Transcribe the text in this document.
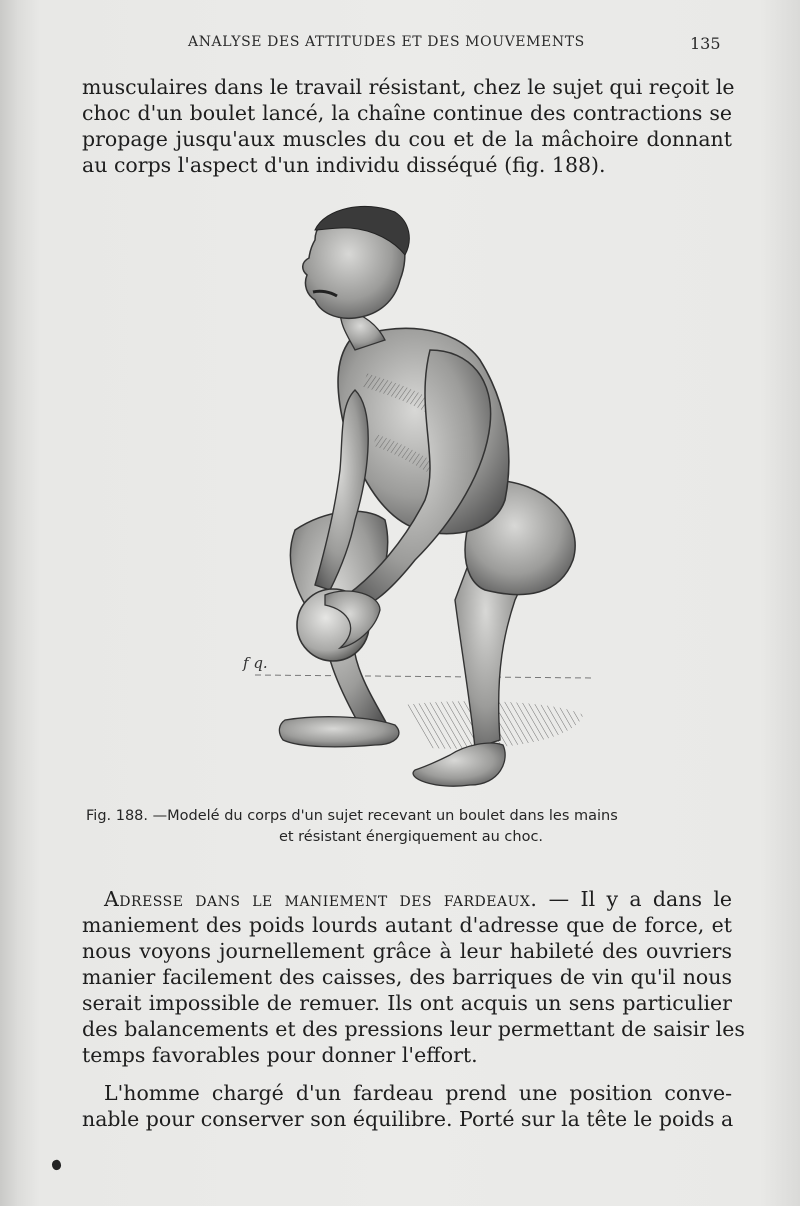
ANALYSE DES ATTITUDES ET DES MOUVEMENTS	135
musculaires dans le travail résistant, chez le sujet qui reçoit le
choc d'un boulet lancé, la chaîne continue des contractions se
propage jusqu'aux muscles du cou et de la mâchoire donnant
au corps l'aspect d'un individu disséqué (fig. 188).
f q.
Fig. 188. —Modelé du corps d'un sujet recevant un boulet dans les mains
et résistant énergiquement au choc.
Adresse dans le maniement des fardeaux. — Il y a dans le
maniement des poids lourds autant d'adresse que de force, et
nous voyons journellement grâce à leur habileté des ouvriers
manier facilement des caisses, des barriques de vin qu'il nous
serait impossible de remuer. Ils ont acquis un sens particulier
des balancements et des pressions leur permettant de saisir les
temps favorables pour donner l'effort.
L'homme chargé d'un fardeau prend une position conve-
nable pour conserver son équilibre. Porté sur la tête le poids a
